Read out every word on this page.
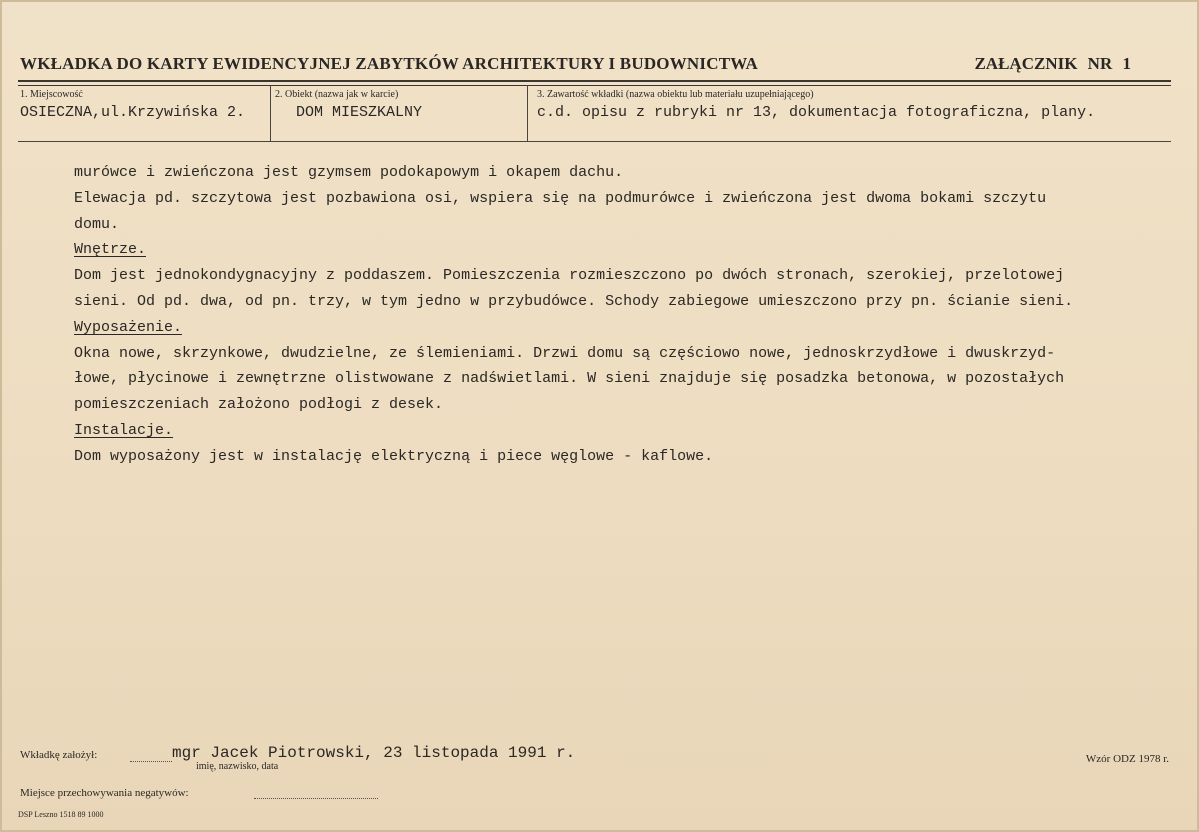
WKŁADKA DO KARTY EWIDENCYJNEJ ZABYTKÓW ARCHITEKTURY I BUDOWNICTWA	ZAŁĄCZNIK NR 1
1. Miejscowość
OSIECZNA,ul.Krzywińska 2.
2. Obiekt (nazwa jak w karcie)
DOM MIESZKALNY
3. Zawartość wkładki (nazwa obiektu lub materiału uzupełniającego)
c.d. opisu z rubryki nr 13, dokumentacja fotograficzna, plany.
murówce i zwieńczona jest gzymsem podokapowym i okapem dachu.
Elewacja pd. szczytowa jest pozbawiona osi, wspiera się na podmurówce i zwieńczona jest dwoma bokami szczytu
domu.
Wnętrze.
Dom jest jednokondygnacyjny z poddaszem. Pomieszczenia rozmieszczono po dwóch stronach, szerokiej, przelotowej
sieni. Od pd. dwa, od pn. trzy, w tym jedno w przybudówce. Schody zabiegowe umieszczono przy pn. ścianie sieni.
Wyposażenie.
Okna nowe, skrzynkowe, dwudzielne, ze ślemieniami. Drzwi domu są częściowo nowe, jednoskrzydłowe i dwuskrzyd-
łowe, płycinowe i zewnętrzne olistwowane z nadświetlami. W sieni znajduje się posadzka betonowa, w pozostałych
pomieszczeniach założono podłogi z desek.
Instalacje.
Dom wyposażony jest w instalację elektryczną i piece węglowe - kaflowe.
Wkładkę założył:	mgr Jacek Piotrowski, 23 listopada 1991 r.
imię, nazwisko, data
Miejsce przechowywania negatywów:
Wzór ODZ 1978 r.
DSP Leszno 1518 89 1000
